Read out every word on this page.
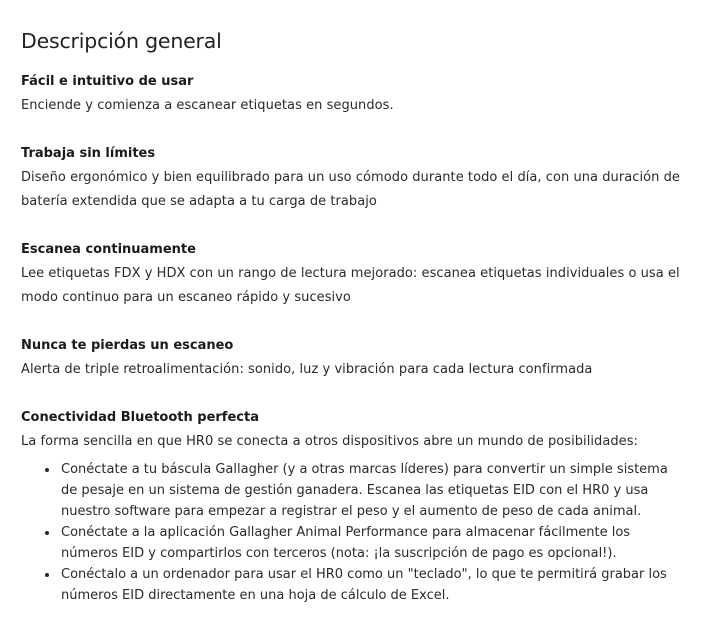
Descripción general

Fácil e intuitivo de usar

Enciende y comienza a escanear etiquetas en segundos.

Trabaja sin límites

Diseño ergonómico y bien equilibrado para un uso cómodo durante todo el día, con una duración de batería extendida que se adapta a tu carga de trabajo

Escanea continuamente

Lee etiquetas FDX y HDX con un rango de lectura mejorado: escanea etiquetas individuales o usa el modo continuo para un escaneo rápido y sucesivo

Nunca te pierdas un escaneo

Alerta de triple retroalimentación: sonido, luz y vibración para cada lectura confirmada

Conectividad Bluetooth perfecta

La forma sencilla en que HR0 se conecta a otros dispositivos abre un mundo de posibilidades:

• Conéctate a tu báscula Gallagher (y a otras marcas líderes) para convertir un simple sistema de pesaje en un sistema de gestión ganadera. Escanea las etiquetas EID con el HR0 y usa nuestro software para empezar a registrar el peso y el aumento de peso de cada animal.
• Conéctate a la aplicación Gallagher Animal Performance para almacenar fácilmente los números EID y compartirlos con terceros (nota: ¡la suscripción de pago es opcional!).
• Conéctalo a un ordenador para usar el HR0 como un "teclado", lo que te permitirá grabar los números EID directamente en una hoja de cálculo de Excel.
